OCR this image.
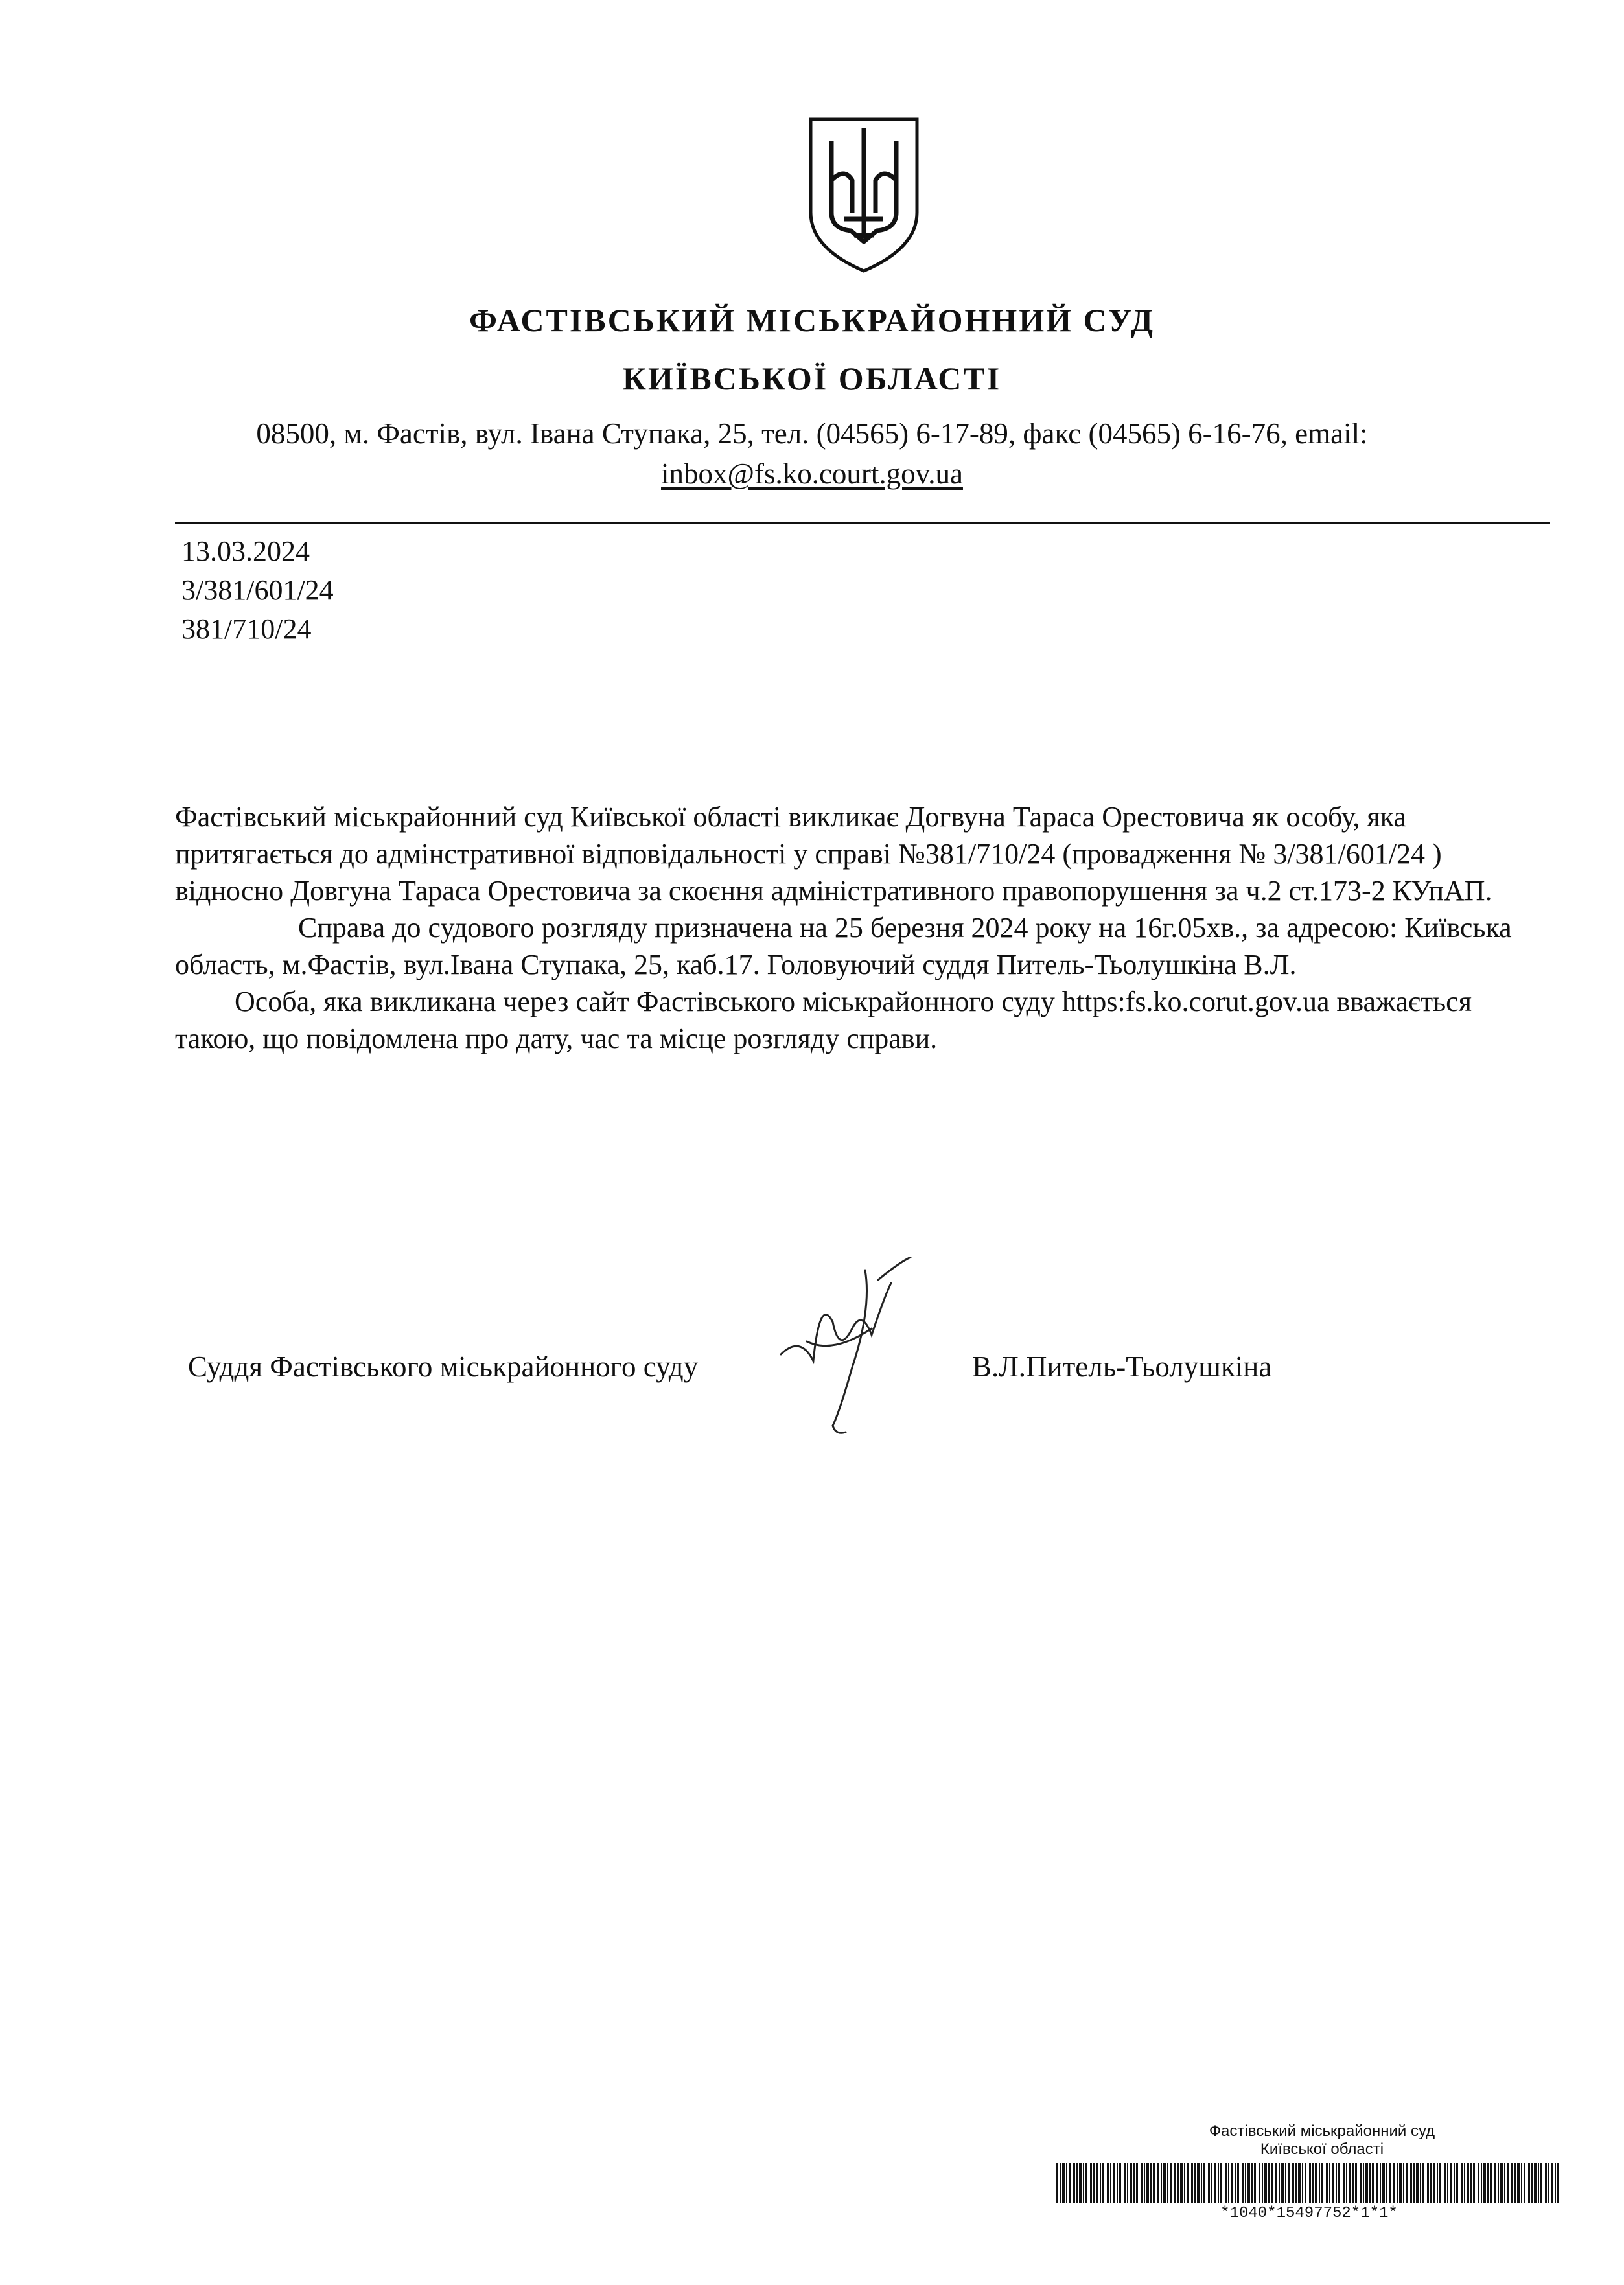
ФАСТІВСЬКИЙ МІСЬКРАЙОННИЙ СУД
КИЇВСЬКОЇ ОБЛАСТІ
08500, м. Фастів, вул. Івана Ступака, 25, тел. (04565) 6-17-89, факс (04565) 6-16-76, email:
inbox@fs.ko.court.gov.ua
13.03.2024
3/381/601/24
381/710/24

Фастівський міськрайонний суд Київської області викликає Догвуна Тараса Орестовича як особу, яка притягається до адмінстративної відповідальності у справі №381/710/24 (провадження № 3/381/601/24 ) відносно Довгуна Тараса Орестовича за скоєння адміністративного правопорушення за ч.2 ст.173-2 КУпАП.

Справа до судового розгляду призначена на 25 березня 2024 року на 16г.05хв., за адресою: Київська область, м.Фастів, вул.Івана Ступака, 25, каб.17. Головуючий суддя Питель-Тьолушкіна В.Л.

Особа, яка викликана через сайт Фастівського міськрайонного суду https:fs.ko.corut.gov.ua вважається такою, що повідомлена про дату, час та місце розгляду справи.

Суддя Фастівського міськрайонного суду	В.Л.Питель-Тьолушкіна
Фастівський міськрайонний суд
Київської області
*1040*15497752*1*1*
